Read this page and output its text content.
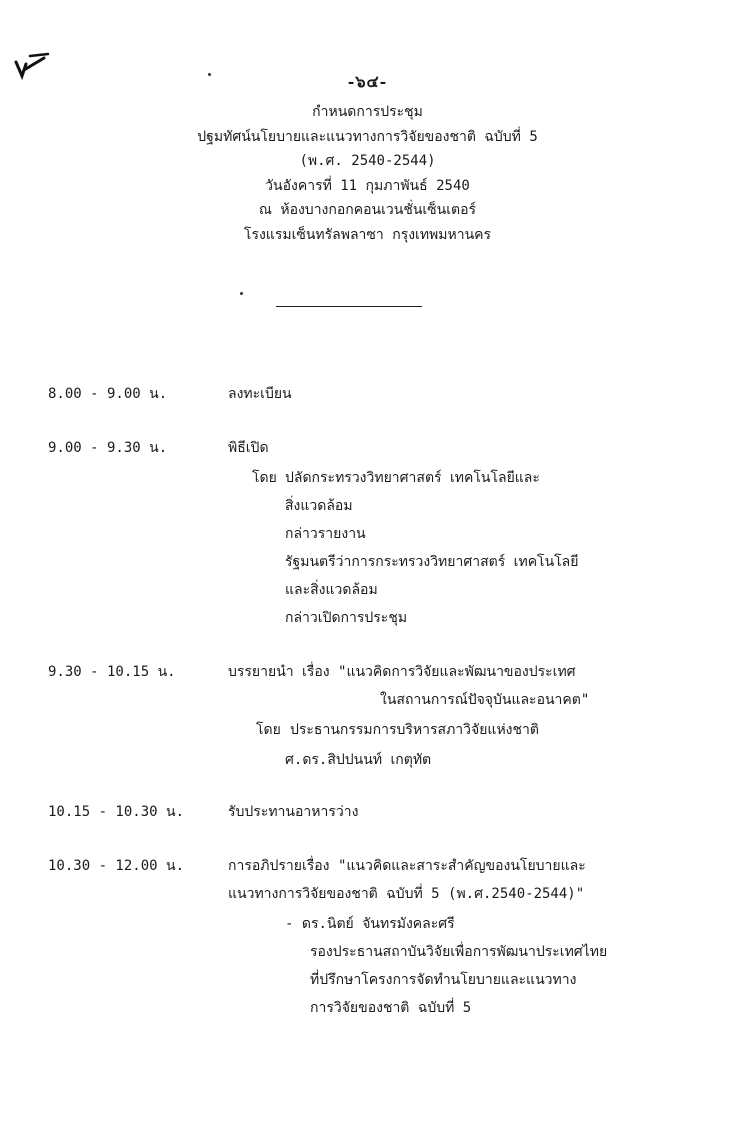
-๖๔-
กำหนดการประชุม
ปฐมทัศน์นโยบายและแนวทางการวิจัยของชาติ ฉบับที่ 5
(พ.ศ. 2540-2544)
วันอังคารที่ 11 กุมภาพันธ์ 2540
ณ ห้องบางกอกคอนเวนชั่นเซ็นเตอร์
โรงแรมเซ็นทรัลพลาซา กรุงเทพมหานคร
8.00 - 9.00 น.	ลงทะเบียน
9.00 - 9.30 น.	พิธีเปิด
โดย ปลัดกระทรวงวิทยาศาสตร์ เทคโนโลยีและ
สิ่งแวดล้อม
กล่าวรายงาน
รัฐมนตรีว่าการกระทรวงวิทยาศาสตร์ เทคโนโลยี
และสิ่งแวดล้อม
กล่าวเปิดการประชุม
9.30 - 10.15 น.	บรรยายนำ เรื่อง "แนวคิดการวิจัยและพัฒนาของประเทศ
ในสถานการณ์ปัจจุบันและอนาคต"
โดย ประธานกรรมการบริหารสภาวิจัยแห่งชาติ
ศ.ดร.สิปปนนท์ เกตุทัต
10.15 - 10.30 น.	รับประทานอาหารว่าง
10.30 - 12.00 น.	การอภิปรายเรื่อง "แนวคิดและสาระสำคัญของนโยบายและ
แนวทางการวิจัยของชาติ ฉบับที่ 5 (พ.ศ.2540-2544)"
- ดร.นิตย์ จันทรมังคละศรี
รองประธานสถาบันวิจัยเพื่อการพัฒนาประเทศไทย
ที่ปรึกษาโครงการจัดทำนโยบายและแนวทาง
การวิจัยของชาติ ฉบับที่ 5
